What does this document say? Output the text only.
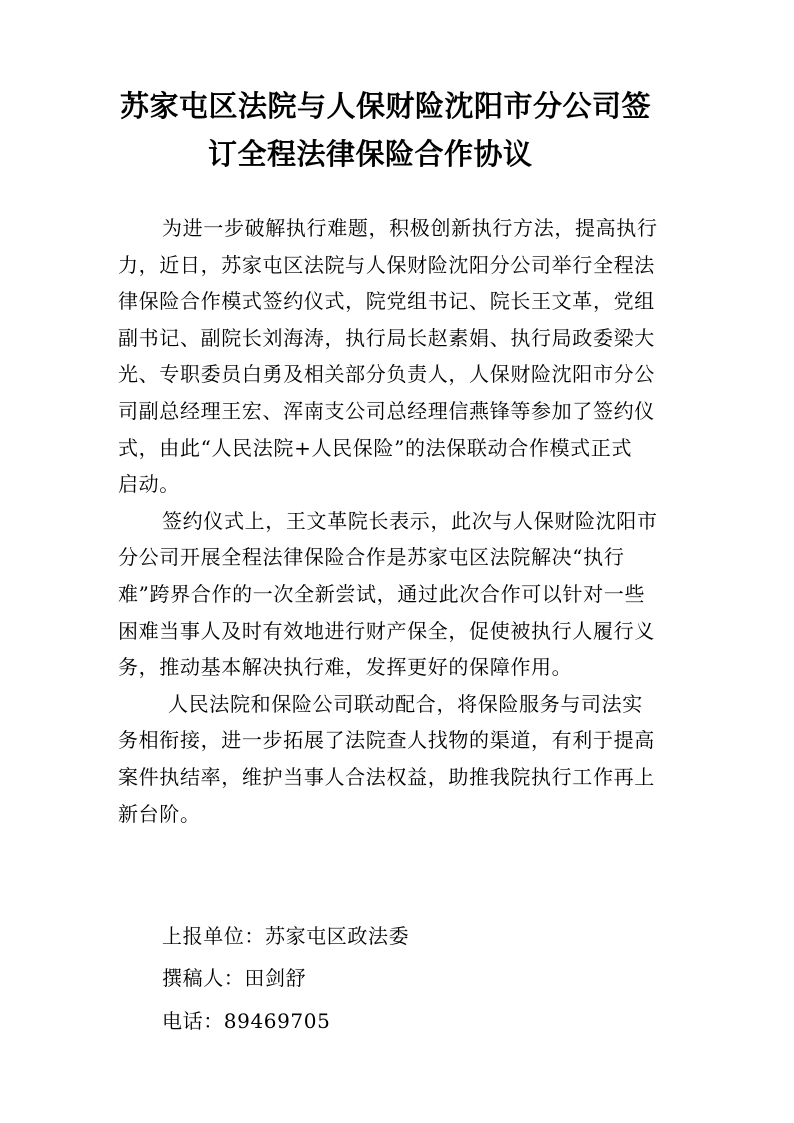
苏家屯区法院与人保财险沈阳市分公司签
订全程法律保险合作协议
为进一步破解执行难题，积极创新执行方法，提高执行
力，近日，苏家屯区法院与人保财险沈阳分公司举行全程法
律保险合作模式签约仪式，院党组书记、院长王文革，党组
副书记、副院长刘海涛，执行局长赵素娟、执行局政委梁大
光、专职委员白勇及相关部分负责人，人保财险沈阳市分公
司副总经理王宏、浑南支公司总经理信燕锋等参加了签约仪
式，由此“人民法院+人民保险”的法保联动合作模式正式
启动。
签约仪式上，王文革院长表示，此次与人保财险沈阳市
分公司开展全程法律保险合作是苏家屯区法院解决“执行
难”跨界合作的一次全新尝试，通过此次合作可以针对一些
困难当事人及时有效地进行财产保全，促使被执行人履行义
务，推动基本解决执行难，发挥更好的保障作用。
人民法院和保险公司联动配合，将保险服务与司法实
务相衔接，进一步拓展了法院查人找物的渠道，有利于提高
案件执结率，维护当事人合法权益，助推我院执行工作再上
新台阶。
上报单位：苏家屯区政法委
撰稿人：田剑舒
电话：89469705
